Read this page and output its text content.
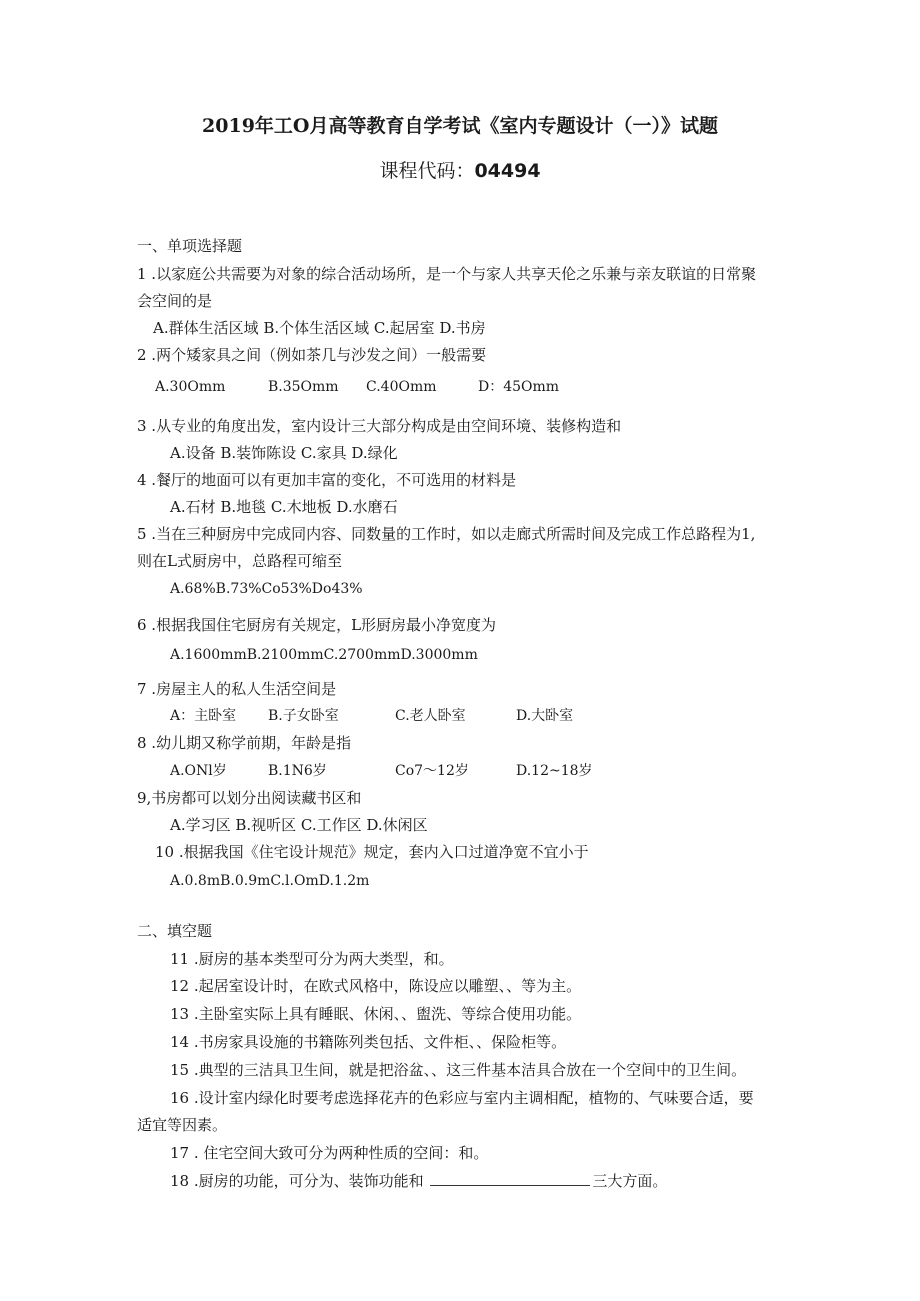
2019年工O月高等教育自学考试《室内专题设计（一）》试题
课程代码：04494
一、单项选择题
1 .以家庭公共需要为对象的综合活动场所，是一个与家人共享天伦之乐兼与亲友联谊的日常聚
会空间的是
A.群体生活区域 B.个体生活区域 C.起居室 D.书房
2 .两个矮家具之间（例如茶几与沙发之间）一般需要
A.30Omm	B.35Omm C.40Omm	D：45Omm
3 .从专业的角度出发，室内设计三大部分构成是由空间环境、装修构造和
A.设备 B.装饰陈设 C.家具 D.绿化
4 .餐厅的地面可以有更加丰富的变化，不可选用的材料是
A.石材 B.地毯 C.木地板 D.水磨石
5 .当在三种厨房中完成同内容、同数量的工作时，如以走廊式所需时间及完成工作总路程为1,
则在L式厨房中，总路程可缩至
A.68%B.73%Co53%Do43%
6 .根据我国住宅厨房有关规定，L形厨房最小净宽度为
A.1600mmB.2100mmC.2700mmD.3000mm
7 .房屋主人的私人生活空间是
A：主卧室 B.子女卧室	C.老人卧室	D.大卧室
8 .幼儿期又称学前期，年龄是指
A.ONl岁	B.1N6岁	Co7～12岁	D.12~18岁
9,书房都可以划分出阅读藏书区和
A.学习区 B.视听区 C.工作区 D.休闲区
10 .根据我国《住宅设计规范》规定，套内入口过道净宽不宜小于
A.0.8mB.0.9mC.l.OmD.1.2m
二、填空题
11 .厨房的基本类型可分为两大类型，和。
12 .起居室设计时，在欧式风格中，陈设应以雕塑、、等为主。
13 .主卧室实际上具有睡眠、休闲、、盥洗、等综合使用功能。
14 .书房家具设施的书籍陈列类包括、文件柜、、保险柜等。
15 .典型的三洁具卫生间，就是把浴盆、、这三件基本洁具合放在一个空间中的卫生间。
16 .设计室内绿化时要考虑选择花卉的色彩应与室内主调相配，植物的、气味要合适，要
适宜等因素。
17 . 住宅空间大致可分为两种性质的空间：和。
18 .厨房的功能，可分为、装饰功能和	三大方面。
